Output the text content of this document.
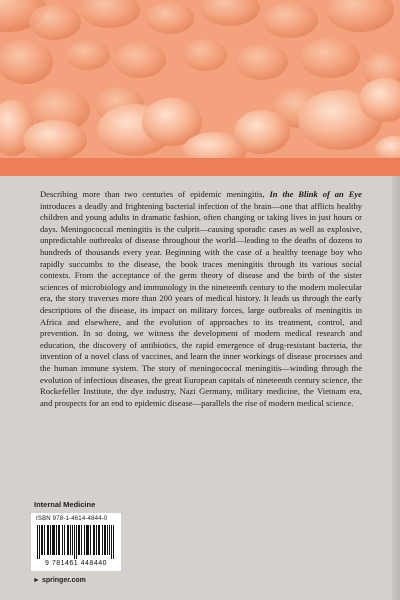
Describing more than two centuries of epidemic meningitis, In the Blink of an Eye introduces a deadly and frightening bacterial infection of the brain—one that afflicts healthy children and young adults in dramatic fashion, often changing or taking lives in just hours or days. Meningococcal meningitis is the culprit—causing sporadic cases as well as explosive, unpredictable outbreaks of disease throughout the world—leading to the deaths of dozens to hundreds of thousands every year. Beginning with the case of a healthy teenage boy who rapidly succumbs to the disease, the book traces meningitis through its various social contexts. From the acceptance of the germ theory of disease and the birth of the sister sciences of microbiology and immunology in the nineteenth century to the modern molecular era, the story traverses more than 200 years of medical history. It leads us through the early descriptions of the disease, its impact on military forces, large outbreaks of meningitis in Africa and elsewhere, and the evolution of approaches to its treatment, control, and prevention. In so doing, we witness the development of modern medical research and education, the discovery of antibiotics, the rapid emergence of drug-resistant bacteria, the invention of a novel class of vaccines, and learn the inner workings of disease processes and the human immune system. The story of meningococcal meningitis—winding through the evolution of infectious diseases, the great European capitals of nineteenth century science, the Rockefeller Institute, the dye industry, Nazi Germany, military medicine, the Vietnam era, and prospects for an end to epidemic disease—parallels the rise of modern medical science.

Internal Medicine
ISBN 978-1-4614-4844-0
9 781461 448440
► springer.com
